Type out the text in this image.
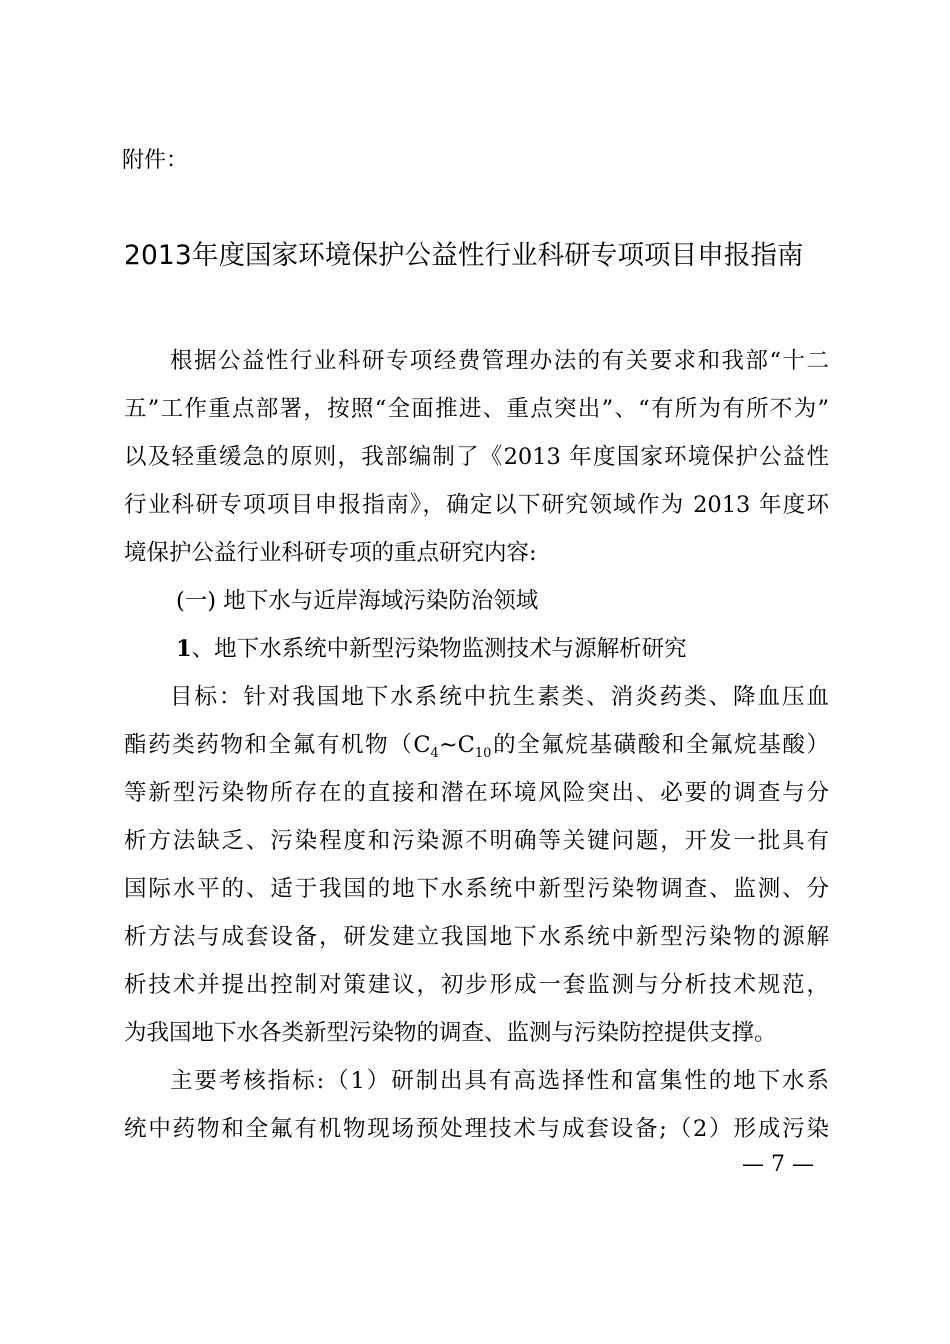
附件：
2013年度国家环境保护公益性行业科研专项项目申报指南
根据公益性行业科研专项经费管理办法的有关要求和我部“十二
五”工作重点部署，按照“全面推进、重点突出”、“有所为有所不为”
以及轻重缓急的原则，我部编制了《2013 年度国家环境保护公益性
行业科研专项项目申报指南》，确定以下研究领域作为 2013 年度环
境保护公益行业科研专项的重点研究内容:
(一) 地下水与近岸海域污染防治领域
1、地下水系统中新型污染物监测技术与源解析研究
目标：针对我国地下水系统中抗生素类、消炎药类、降血压血
酯药类药物和全氟有机物（$C_4\sim C_{10}$的全氟烷基磺酸和全氟烷基酸）
等新型污染物所存在的直接和潜在环境风险突出、必要的调查与分
析方法缺乏、污染程度和污染源不明确等关键问题，开发一批具有
国际水平的、适于我国的地下水系统中新型污染物调查、监测、分
析方法与成套设备，研发建立我国地下水系统中新型污染物的源解
析技术并提出控制对策建议，初步形成一套监测与分析技术规范，
为我国地下水各类新型污染物的调查、监测与污染防控提供支撑。
主要考核指标:（1）研制出具有高选择性和富集性的地下水系
统中药物和全氟有机物现场预处理技术与成套设备;（2）形成污染
— 7 —
